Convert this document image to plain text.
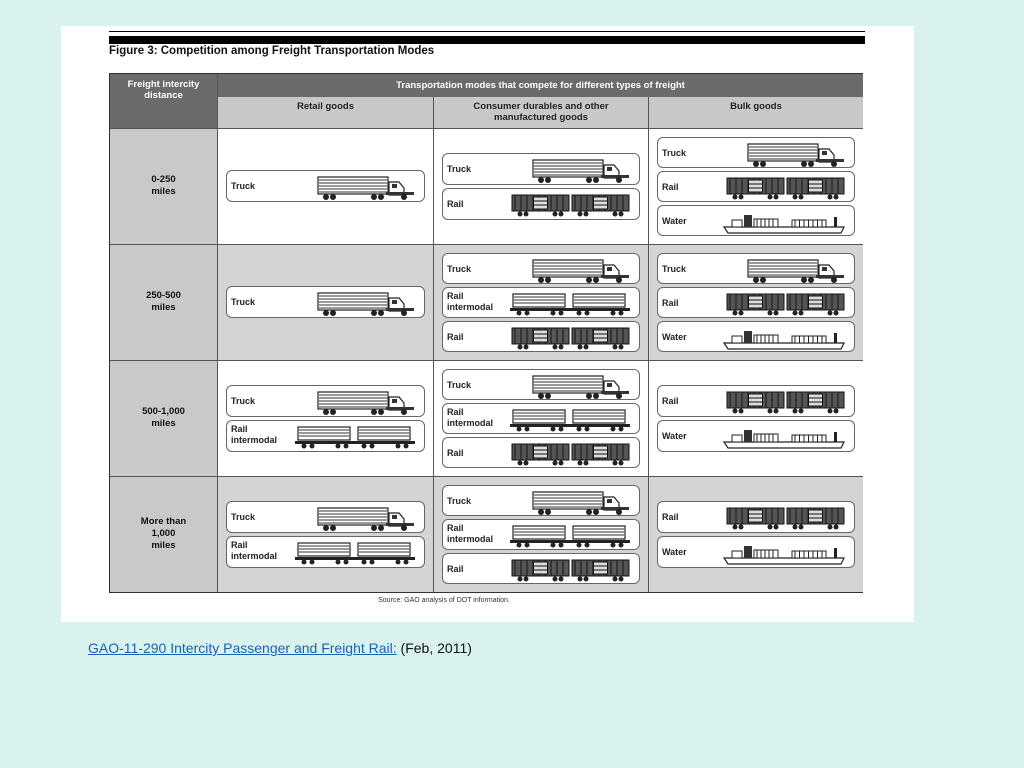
Figure 3: Competition among Freight Transportation Modes
Freight intercity distance
Transportation modes that compete for different types of freight
Retail goods	Consumer durables and other manufactured goods
Bulk goods
0-250
miles
250-500
miles
500-1,000
miles
More than
1,000
miles
Truck
Truck
Rail
Truck
Rail
Water
Truck
Truck
Rail
intermodal
Rail
Truck
Rail
Water
Truck
Rail
intermodal
Truck
Rail
intermodal
Rail
Rail
Water
Truck
Rail
intermodal
Truck
Rail
intermodal
Rail
Rail
Water
Source: GAO analysis of DOT information.
GAO-11-290 Intercity Passenger and Freight Rail: (Feb, 2011)
